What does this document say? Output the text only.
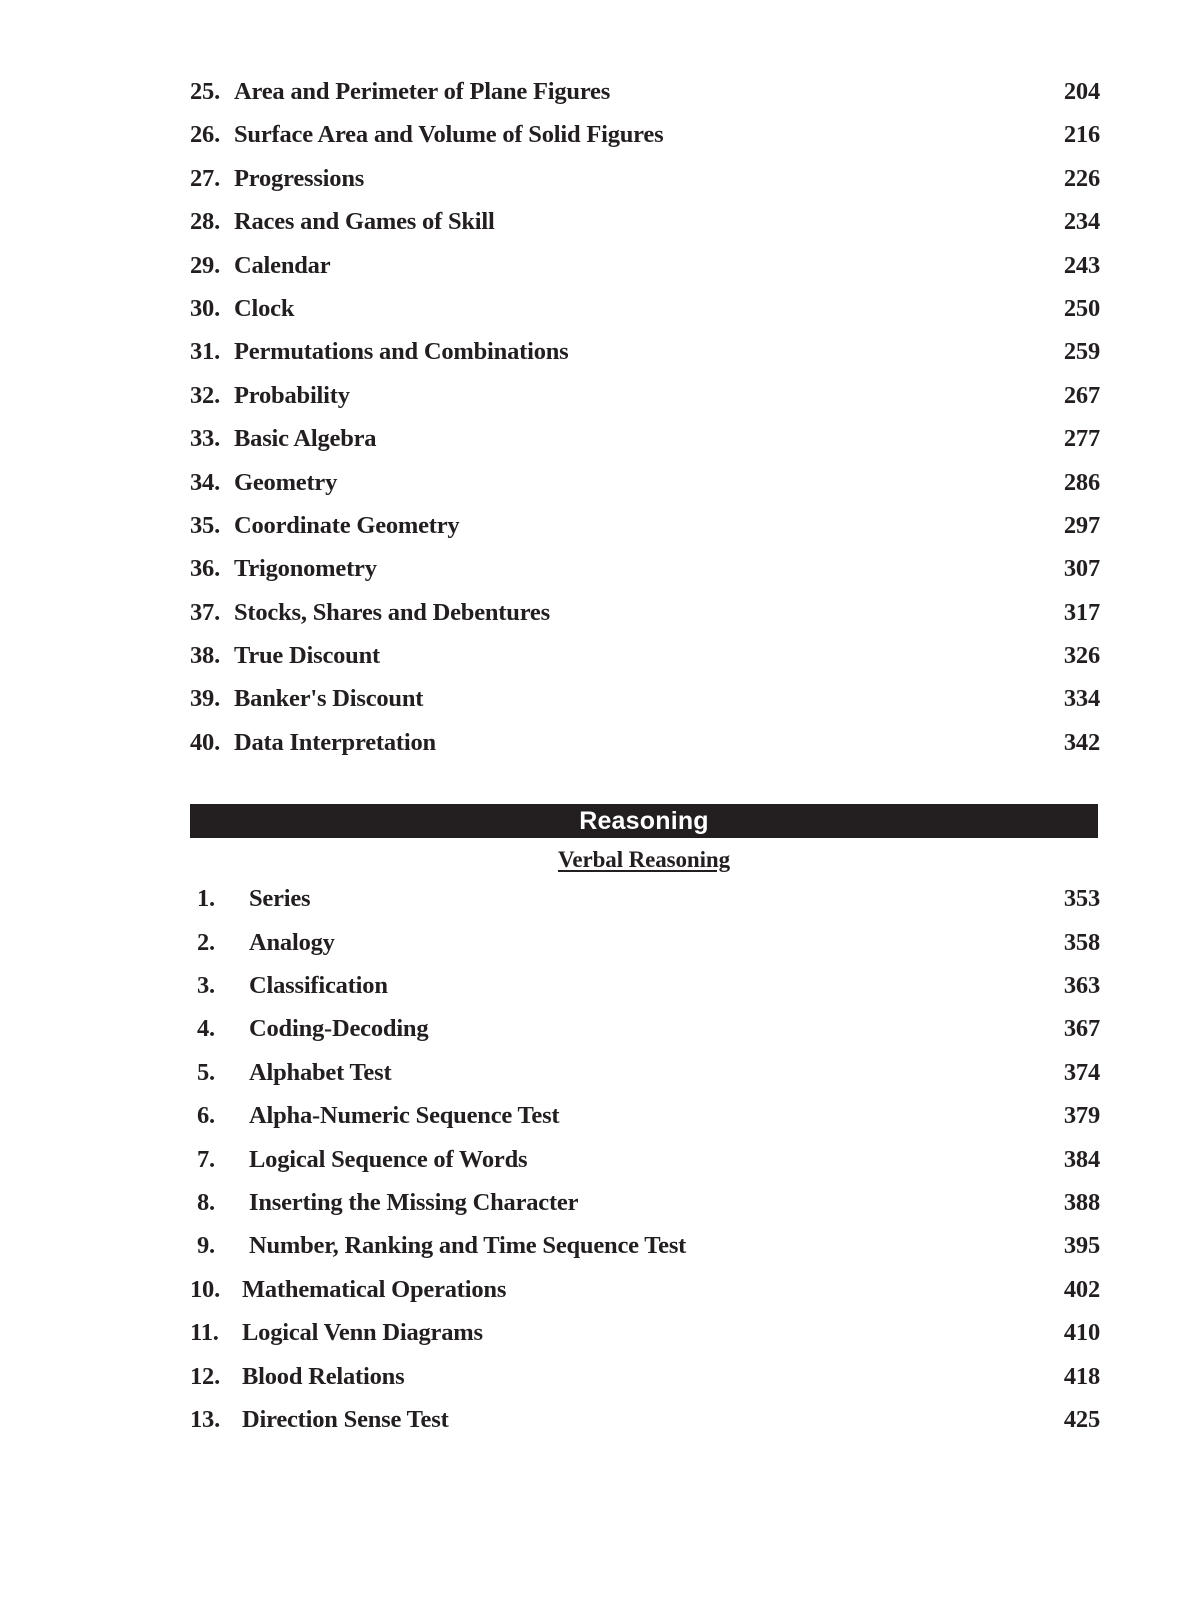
25. Area and Perimeter of Plane Figures	204
26. Surface Area and Volume of Solid Figures	216
27. Progressions	226
28. Races and Games of Skill	234
29. Calendar	243
30. Clock	250
31. Permutations and Combinations	259
32. Probability	267
33. Basic Algebra	277
34. Geometry	286
35. Coordinate Geometry	297
36. Trigonometry	307
37. Stocks, Shares and Debentures	317
38. True Discount	326
39. Banker's Discount	334
40. Data Interpretation	342
Reasoning
Verbal Reasoning
1.	Series	353
2.	Analogy	358
3.	Classification	363
4.	Coding-Decoding	367
5.	Alphabet Test	374
6.	Alpha-Numeric Sequence Test	379
7.	Logical Sequence of Words	384
8.	Inserting the Missing Character	388
9.	Number, Ranking and Time Sequence Test	395
10. Mathematical Operations	402
11. Logical Venn Diagrams	410
12. Blood Relations	418
13. Direction Sense Test	425
